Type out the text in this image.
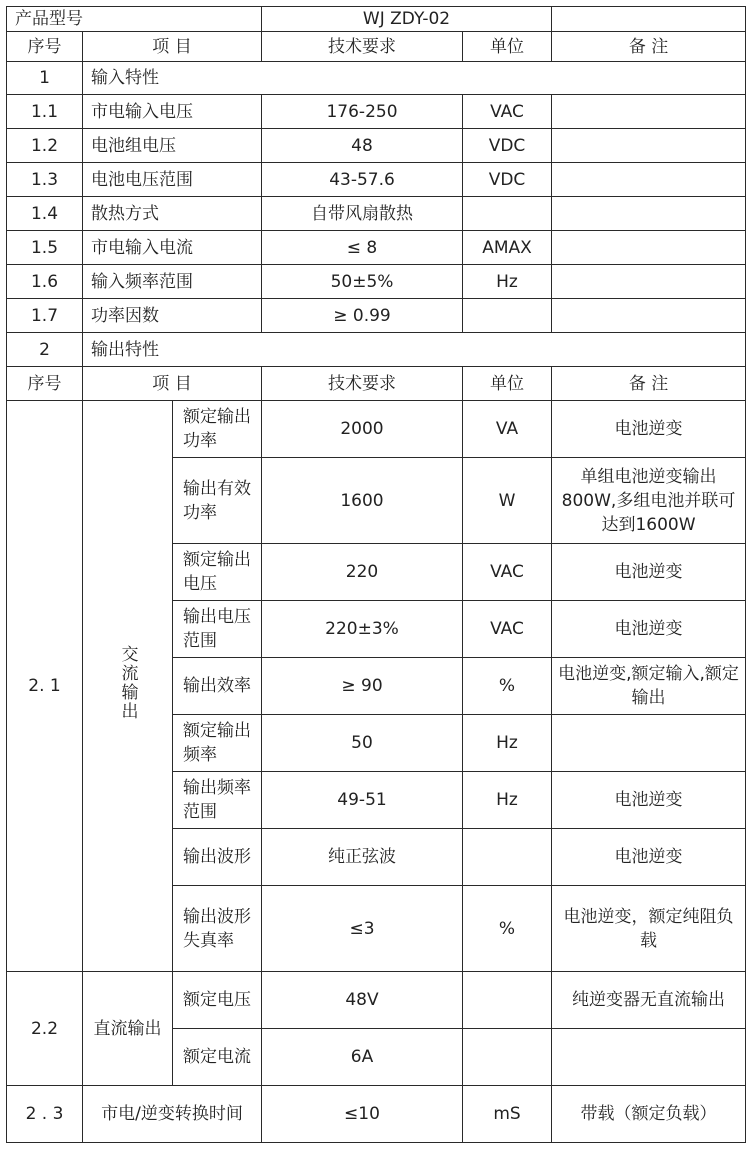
产品型号			WJ ZDY-02		
序号	项 目		技术要求	单位	备 注
1	输入特性				
1.1	市电输入电压		176-250	VAC	
1.2	电池组电压		48	VDC	
1.3	电池电压范围		43-57.6	VDC	
1.4	散热方式		自带风扇散热		
1.5	市电输入电流		≤ 8	AMAX	
1.6	输入频率范围		50±5%	Hz	
1.7	功率因数		≥ 0.99		
2	输出特性				
序号	项 目		技术要求	单位	备 注
2. 1	交流输出	额定输出功率	2000	VA	电池逆变
		输出有效功率	1600	W	单组电池逆变输出800W,多组电池并联可达到1600W
		额定输出电压	220	VAC	电池逆变
		输出电压范围	220±3%	VAC	电池逆变
		输出效率	≥ 90	%	电池逆变,额定输入,额定输出
		额定输出频率	50	Hz	
		输出频率范围	49-51	Hz	电池逆变
		输出波形	纯正弦波		电池逆变
		输出波形失真率	≤3	%	电池逆变，额定纯阻负载
2.2	直流输出	额定电压	48V		纯逆变器无直流输出
		额定电流	6A		
2 . 3	市电/逆变转换时间		≤10	mS	带载（额定负载）
